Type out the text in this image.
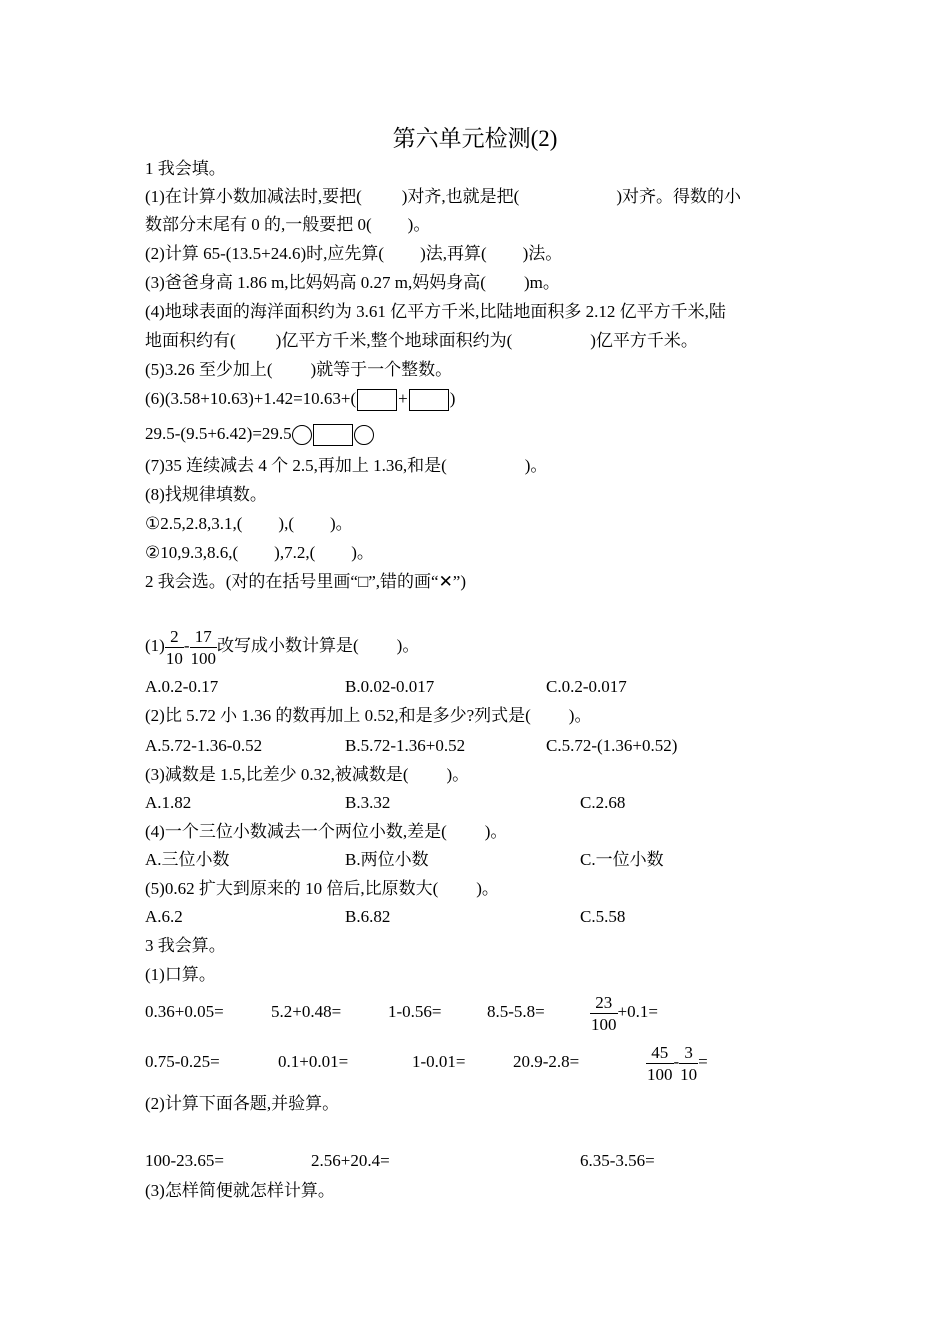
第六单元检测(2)
1 我会填。
(1)在计算小数加减法时,要把( )对齐,也就是把(	)对齐。得数的小
数部分末尾有 0 的,一般要把 0( )。
(2)计算 65-(13.5+24.6)时,应先算( )法,再算( )法。
(3)爸爸身高 1.86 m,比妈妈高 0.27 m,妈妈身高( )m。
(4)地球表面的海洋面积约为 3.61 亿平方千米,比陆地面积多 2.12 亿平方千米,陆
地面积约有( )亿平方千米,整个地球面积约为(	)亿平方千米。
(5)3.26 至少加上( )就等于一个整数。
(6)(3.58+10.63)+1.42=10.63+( + )
29.5-(9.5+6.42)=29.5
(7)35 连续减去 4 个 2.5,再加上 1.36,和是(	)。
(8)找规律填数。
①2.5,2.8,3.1,( ),( )。
②10,9.3,8.6,( ),7.2,( )。
2 我会选。(对的在括号里画“□”,错的画“✕”)
$(1) \frac{2}{10} - \frac{17}{100}$ 改写成小数计算是( )。
A.0.2-0.17	B.0.02-0.017	C.0.2-0.017
(2)比 5.72 小 1.36 的数再加上 0.52,和是多少?列式是( )。
A.5.72-1.36-0.52	B.5.72-1.36+0.52	C.5.72-(1.36+0.52)
(3)减数是 1.5,比差少 0.32,被减数是( )。
A.1.82	B.3.32	C.2.68
(4)一个三位小数减去一个两位小数,差是( )。
A.三位小数	B.两位小数	C.一位小数
(5)0.62 扩大到原来的 10 倍后,比原数大( )。
A.6.2	B.6.82	C.5.58
3 我会算。
(1)口算。
0.36+0.05=	5.2+0.48=	1-0.56=	8.5-5.8=	$\frac{23}{100} +0.1=$
0.75-0.25=	0.1+0.01=	1-0.01=	20.9-2.8=	$\frac{45}{100} - \frac{3}{10}$ =
(2)计算下面各题,并验算。
100-23.65=	2.56+20.4=	6.35-3.56=
(3)怎样简便就怎样计算。
